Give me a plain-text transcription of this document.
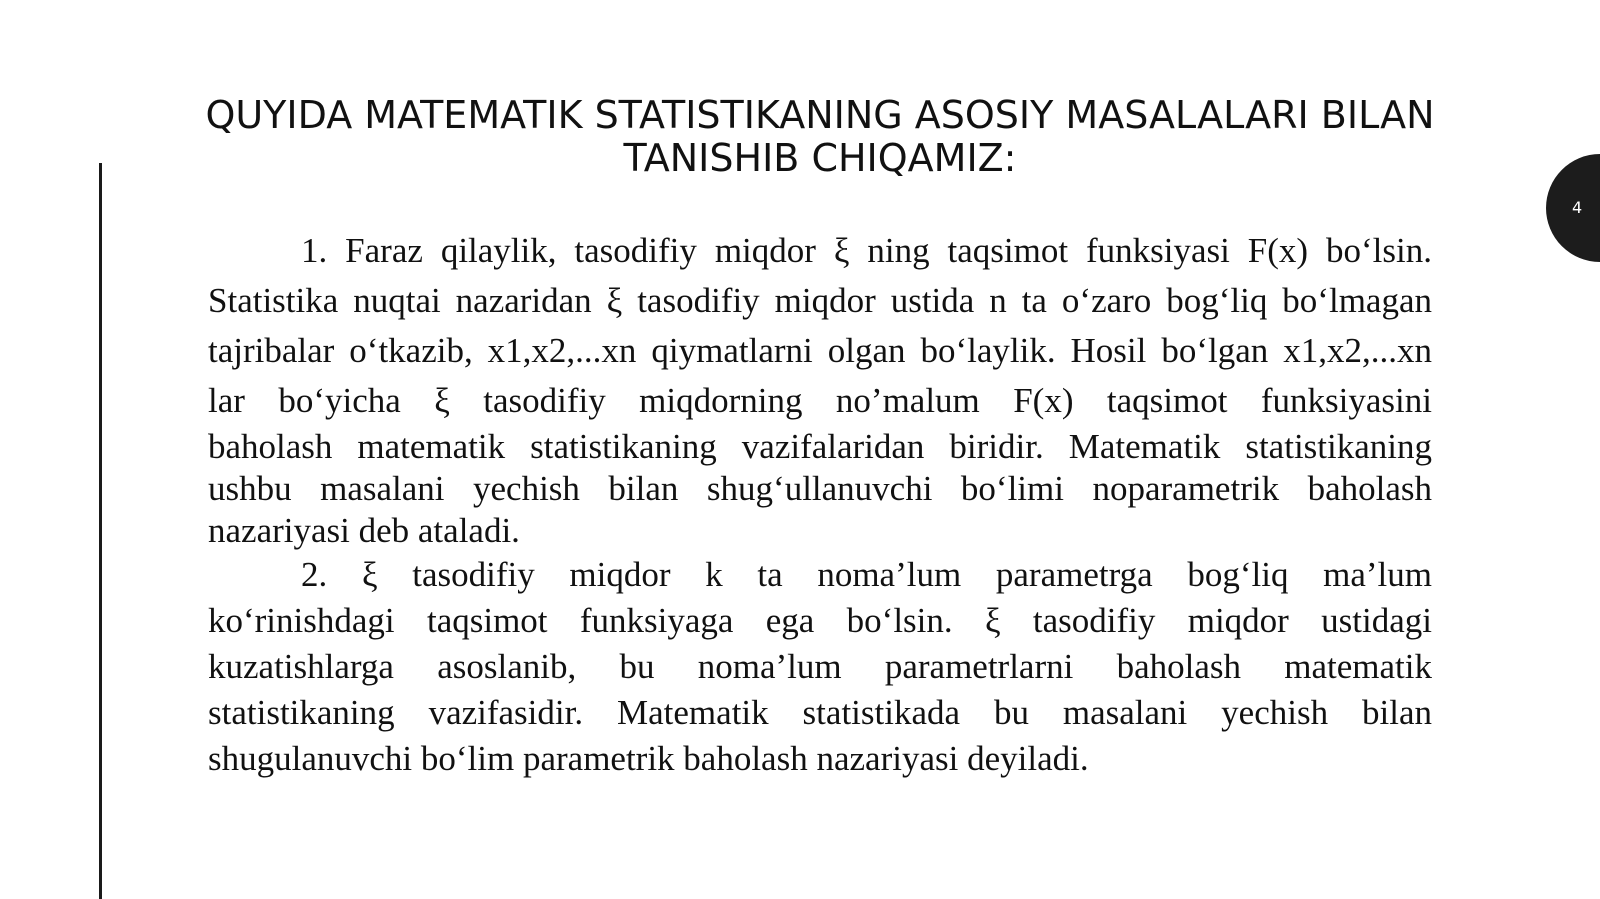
QUYIDA MATEMATIK STATISTIKANING ASOSIY MASALALARI BILAN TANISHIB CHIQAMIZ:
4
1. Faraz qilaylik, tasodifiy miqdor ξ ning taqsimot funksiyasi F(x) bo‘lsin.
Statistika nuqtai nazaridan ξ tasodifiy miqdor ustida n ta o‘zaro bog‘liq bo‘lmagan
tajribalar o‘tkazib, x1,x2,...xn qiymatlarni olgan bo‘laylik. Hosil bo‘lgan x1,x2,...xn
lar bo‘yicha ξ tasodifiy miqdorning no’malum F(x) taqsimot funksiyasini
baholash matematik statistikaning vazifalaridan biridir. Matematik statistikaning
ushbu masalani yechish bilan shug‘ullanuvchi bo‘limi noparametrik baholash
nazariyasi deb ataladi.
2. ξ tasodifiy miqdor k ta noma’lum parametrga bog‘liq ma’lum
ko‘rinishdagi taqsimot funksiyaga ega bo‘lsin. ξ tasodifiy miqdor ustidagi
kuzatishlarga asoslanib, bu noma’lum parametrlarni baholash matematik
statistikaning vazifasidir. Matematik statistikada bu masalani yechish bilan
shugulanuvchi bo‘lim parametrik baholash nazariyasi deyiladi.
